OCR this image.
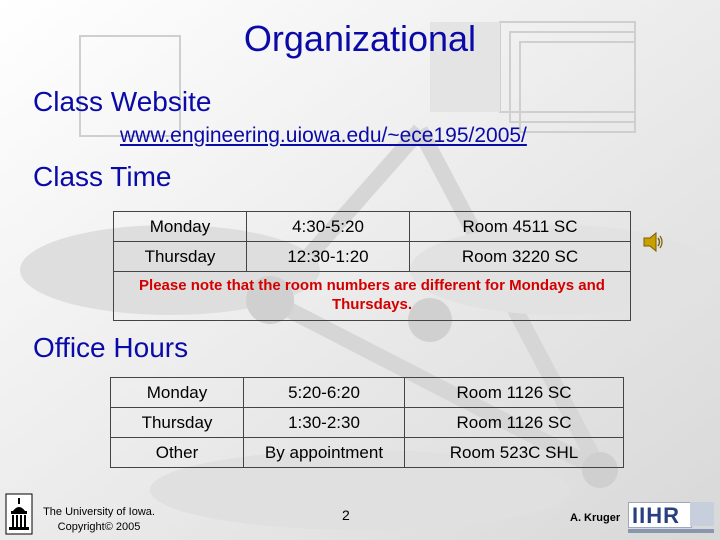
Organizational
Class Website
www.engineering.uiowa.edu/~ece195/2005/
Class Time
Monday	4:30-5:20	Room 4511 SC
Thursday	12:30-1:20	Room 3220 SC
Please note that the room numbers are different for Mondays and Thursdays.
Office Hours
Monday	5:20-6:20	Room 1126 SC
Thursday	1:30-2:30	Room 1126 SC
Other	By appointment	Room 523C SHL
The University of Iowa.
Copyright© 2005
2	A. Kruger IIHR
